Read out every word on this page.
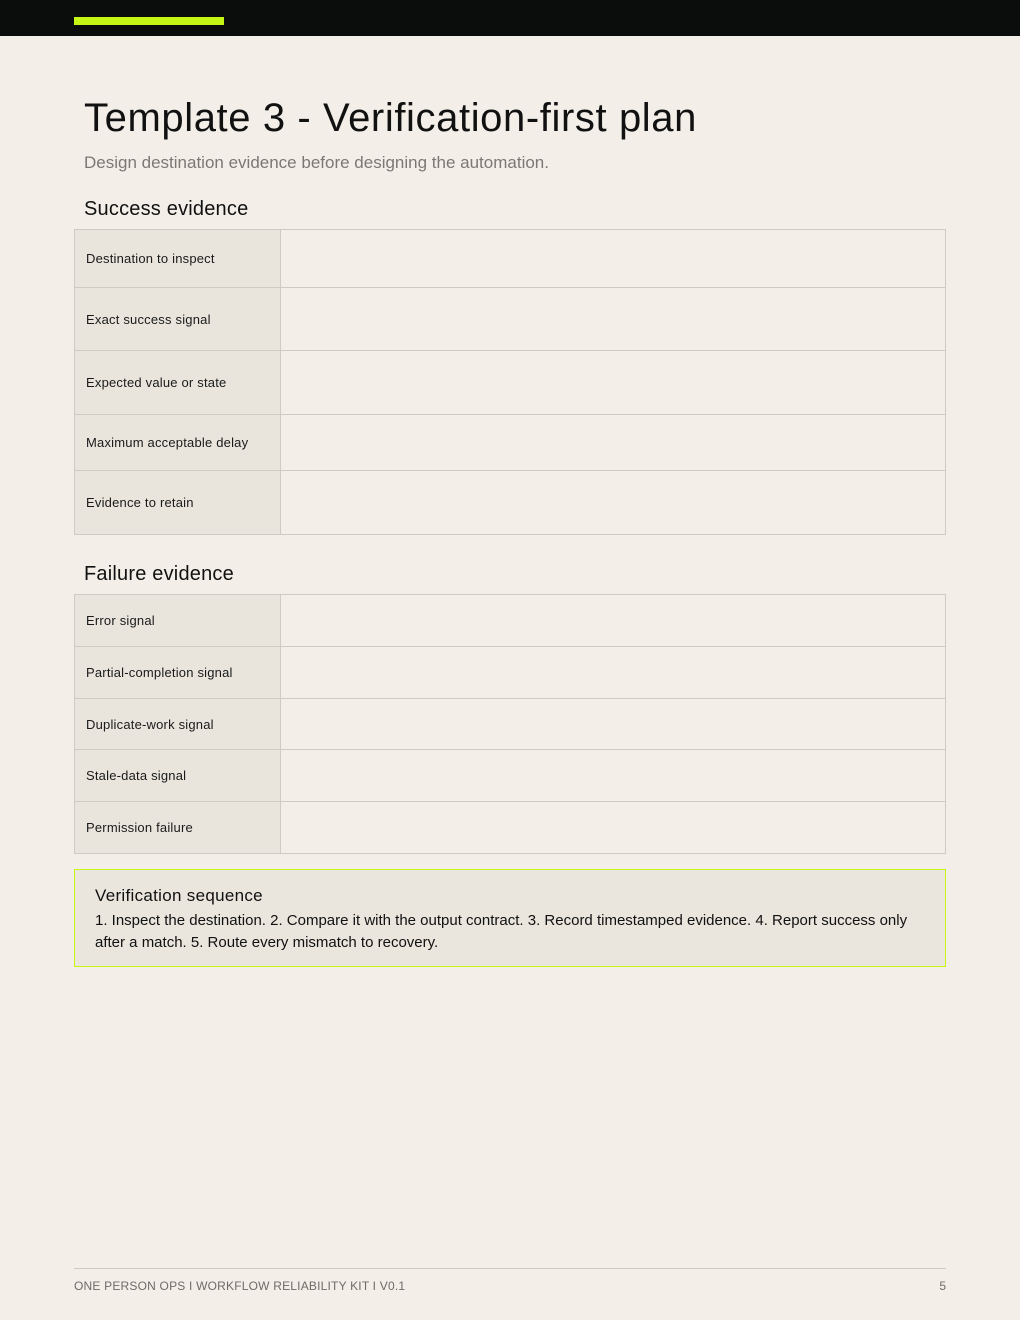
Template 3 - Verification-first plan
Design destination evidence before designing the automation.
Success evidence
Destination to inspect	
Exact success signal	
Expected value or state	
Maximum acceptable delay	
Evidence to retain	
Failure evidence
Error signal	
Partial-completion signal	
Duplicate-work signal	
Stale-data signal	
Permission failure	
Verification sequence
1. Inspect the destination. 2. Compare it with the output contract. 3. Record timestamped evidence. 4. Report success only after a match. 5. Route every mismatch to recovery.
ONE PERSON OPS I WORKFLOW RELIABILITY KIT I V0.1	5
